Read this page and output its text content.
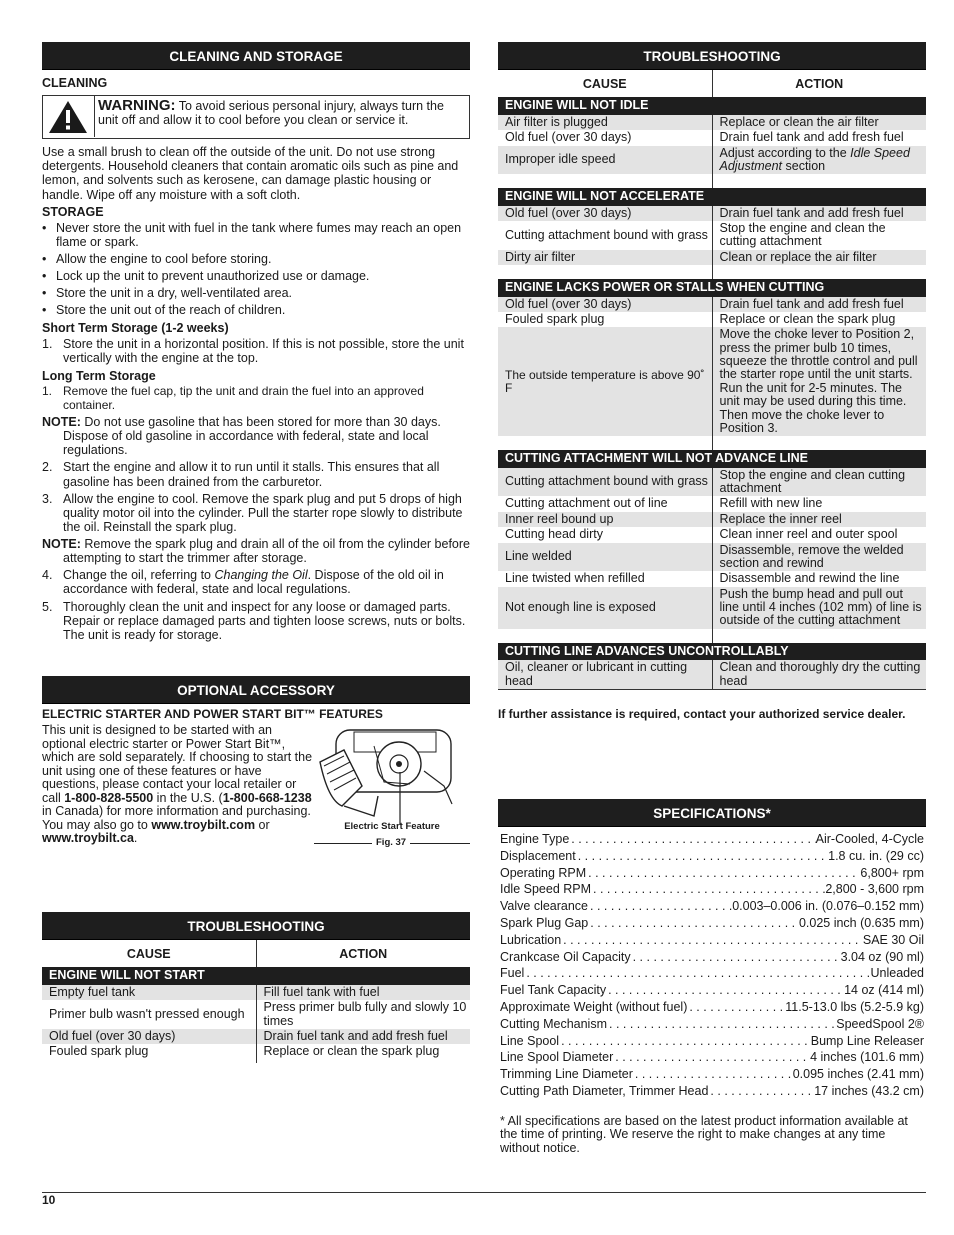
CLEANING AND STORAGE
CLEANING
WARNING: To avoid serious personal injury, always turn the unit off and allow it to cool before you clean or service it.

Use a small brush to clean off the outside of the unit. Do not use strong detergents. Household cleaners that contain aromatic oils such as pine and lemon, and solvents such as kerosene, can damage plastic housing or handle. Wipe off any moisture with a soft cloth.

STORAGE
• Never store the unit with fuel in the tank where fumes may reach an open flame or spark.
• Allow the engine to cool before storing.
• Lock up the unit to prevent unauthorized use or damage.
• Store the unit in a dry, well-ventilated area.
• Store the unit out of the reach of children.
Short Term Storage (1-2 weeks)
1. Store the unit in a horizontal position. If this is not possible, store the unit vertically with the engine at the top.
Long Term Storage
1. Remove the fuel cap, tip the unit and drain the fuel into an approved container.
NOTE: Do not use gasoline that has been stored for more than 30 days. Dispose of old gasoline in accordance with federal, state and local regulations.
2. Start the engine and allow it to run until it stalls. This ensures that all gasoline has been drained from the carburetor.
3. Allow the engine to cool. Remove the spark plug and put 5 drops of high quality motor oil into the cylinder. Pull the starter rope slowly to distribute the oil. Reinstall the spark plug.
NOTE: Remove the spark plug and drain all of the oil from the cylinder before attempting to start the trimmer after storage.
4. Change the oil, referring to Changing the Oil. Dispose of the old oil in accordance with federal, state and local regulations.
5. Thoroughly clean the unit and inspect for any loose or damaged parts. Repair or replace damaged parts and tighten loose screws, nuts or bolts. The unit is ready for storage.
OPTIONAL ACCESSORY
ELECTRIC STARTER AND POWER START BIT™ FEATURES
This unit is designed to be started with an optional electric starter or Power Start Bit™, which are sold separately. If choosing to start the unit using one of these features or have questions, please contact your local retailer or call 1-800-828-5500 in the U.S. (1-800-668-1238 in Canada) for more information and purchasing. You may also go to www.troybilt.com or www.troybilt.ca.
Electric Start Feature
Fig. 37
TROUBLESHOOTING
CAUSE	ACTION
ENGINE WILL NOT START	
Empty fuel tank	Fill fuel tank with fuel
Primer bulb wasn't pressed enough	Press primer bulb fully and slowly 10 times
Old fuel (over 30 days)	Drain fuel tank and add fresh fuel
Fouled spark plug	Replace or clean the spark plug
TROUBLESHOOTING
CAUSE	ACTION
ENGINE WILL NOT IDLE	
Air filter is plugged	Replace or clean the air filter
Old fuel (over 30 days)	Drain fuel tank and add fresh fuel
Improper idle speed	Adjust according to the Idle Speed Adjustment section

ENGINE WILL NOT ACCELERATE	
Old fuel (over 30 days)	Drain fuel tank and add fresh fuel
Cutting attachment bound with grass	Stop the engine and clean the cutting attachment
Dirty air filter	Clean or replace the air filter

ENGINE LACKS POWER OR STALLS WHEN CUTTING	
Old fuel (over 30 days)	Drain fuel tank and add fresh fuel
Fouled spark plug	Replace or clean the spark plug
The outside temperature is above 90˚ F	Move the choke lever to Position 2, press the primer bulb 10 times, squeeze the throttle control and pull the starter rope until the unit starts. Run the unit for 2-5 minutes. The unit may be used during this time. Then move the choke lever to Position 3.

CUTTING ATTACHMENT WILL NOT ADVANCE LINE	
Cutting attachment bound with grass	Stop the engine and clean cutting attachment
Cutting attachment out of line	Refill with new line
Inner reel bound up	Replace the inner reel
Cutting head dirty	Clean inner reel and outer spool
Line welded	Disassemble, remove the welded section and rewind
Line twisted when refilled	Disassemble and rewind the line
Not enough line is exposed	Push the bump head and pull out line until 4 inches (102 mm) of line is outside of the cutting attachment

CUTTING LINE ADVANCES UNCONTROLLABLY	
Oil, cleaner or lubricant in cutting head	Clean and thoroughly dry the cutting head
If further assistance is required, contact your authorized service dealer.
SPECIFICATIONS*
Engine Type . . .	Air-Cooled, 4-Cycle
Displacement . . .	1.8 cu. in. (29 cc)
Operating RPM . . .	6,800+ rpm
Idle Speed RPM . . .	2,800 - 3,600 rpm
Valve clearance . . .	0.003–0.006 in. (0.076–0.152 mm)
Spark Plug Gap . . .	0.025 inch (0.635 mm)
Lubrication . . .	SAE 30 Oil
Crankcase Oil Capacity . . .	3.04 oz (90 ml)
Fuel . . .	Unleaded
Fuel Tank Capacity . . .	14 oz (414 ml)
Approximate Weight (without fuel) . . .	11.5-13.0 lbs (5.2-5.9 kg)
Cutting Mechanism . . .	SpeedSpool 2®
Line Spool . . .	Bump Line Releaser
Line Spool Diameter . . .	4 inches (101.6 mm)
Trimming Line Diameter . . .	0.095 inches (2.41 mm)
Cutting Path Diameter, Trimmer Head . . .	17 inches (43.2 cm)

* All specifications are based on the latest product information available at the time of printing. We reserve the right to make changes at any time without notice.

10
